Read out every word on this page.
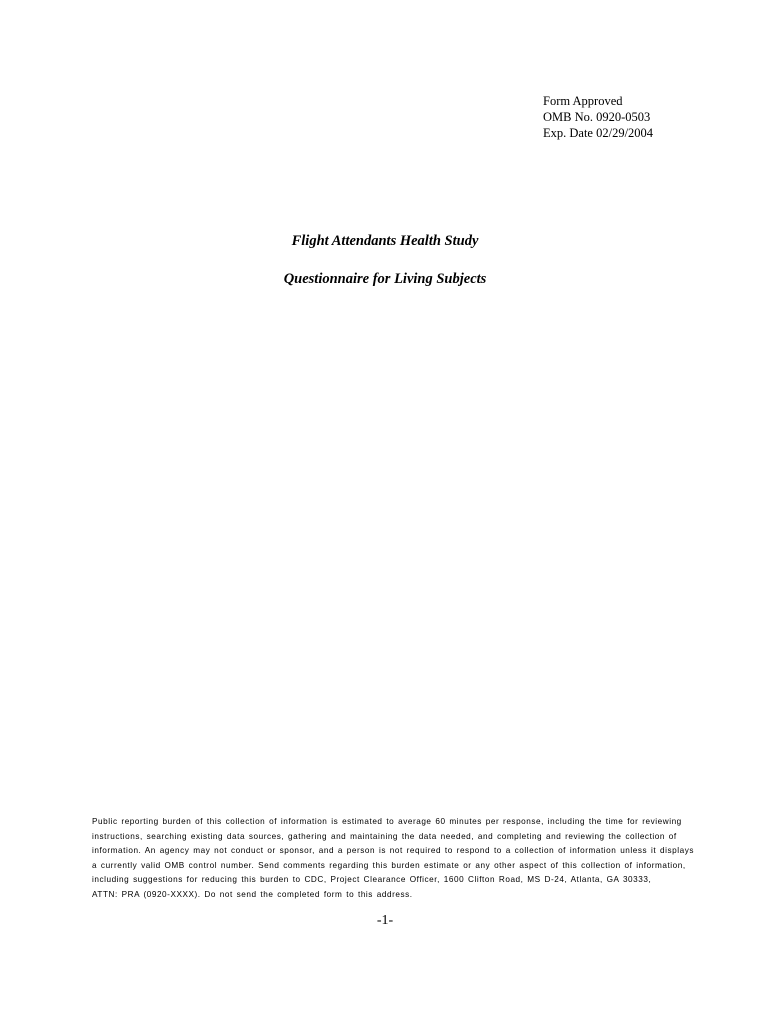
Form Approved
OMB No. 0920-0503
Exp. Date 02/29/2004
Flight Attendants Health Study
Questionnaire for Living Subjects
Public reporting burden of this collection of information is estimated to average 60 minutes per response, including the time for reviewing
instructions, searching existing data sources, gathering and maintaining the data needed, and completing and reviewing the collection of
information. An agency may not conduct or sponsor, and a person is not required to respond to a collection of information unless it displays
a currently valid OMB control number. Send comments regarding this burden estimate or any other aspect of this collection of information,
including suggestions for reducing this burden to CDC, Project Clearance Officer, 1600 Clifton Road, MS D-24, Atlanta, GA 30333,
ATTN: PRA (0920-XXXX). Do not send the completed form to this address.
-1-
